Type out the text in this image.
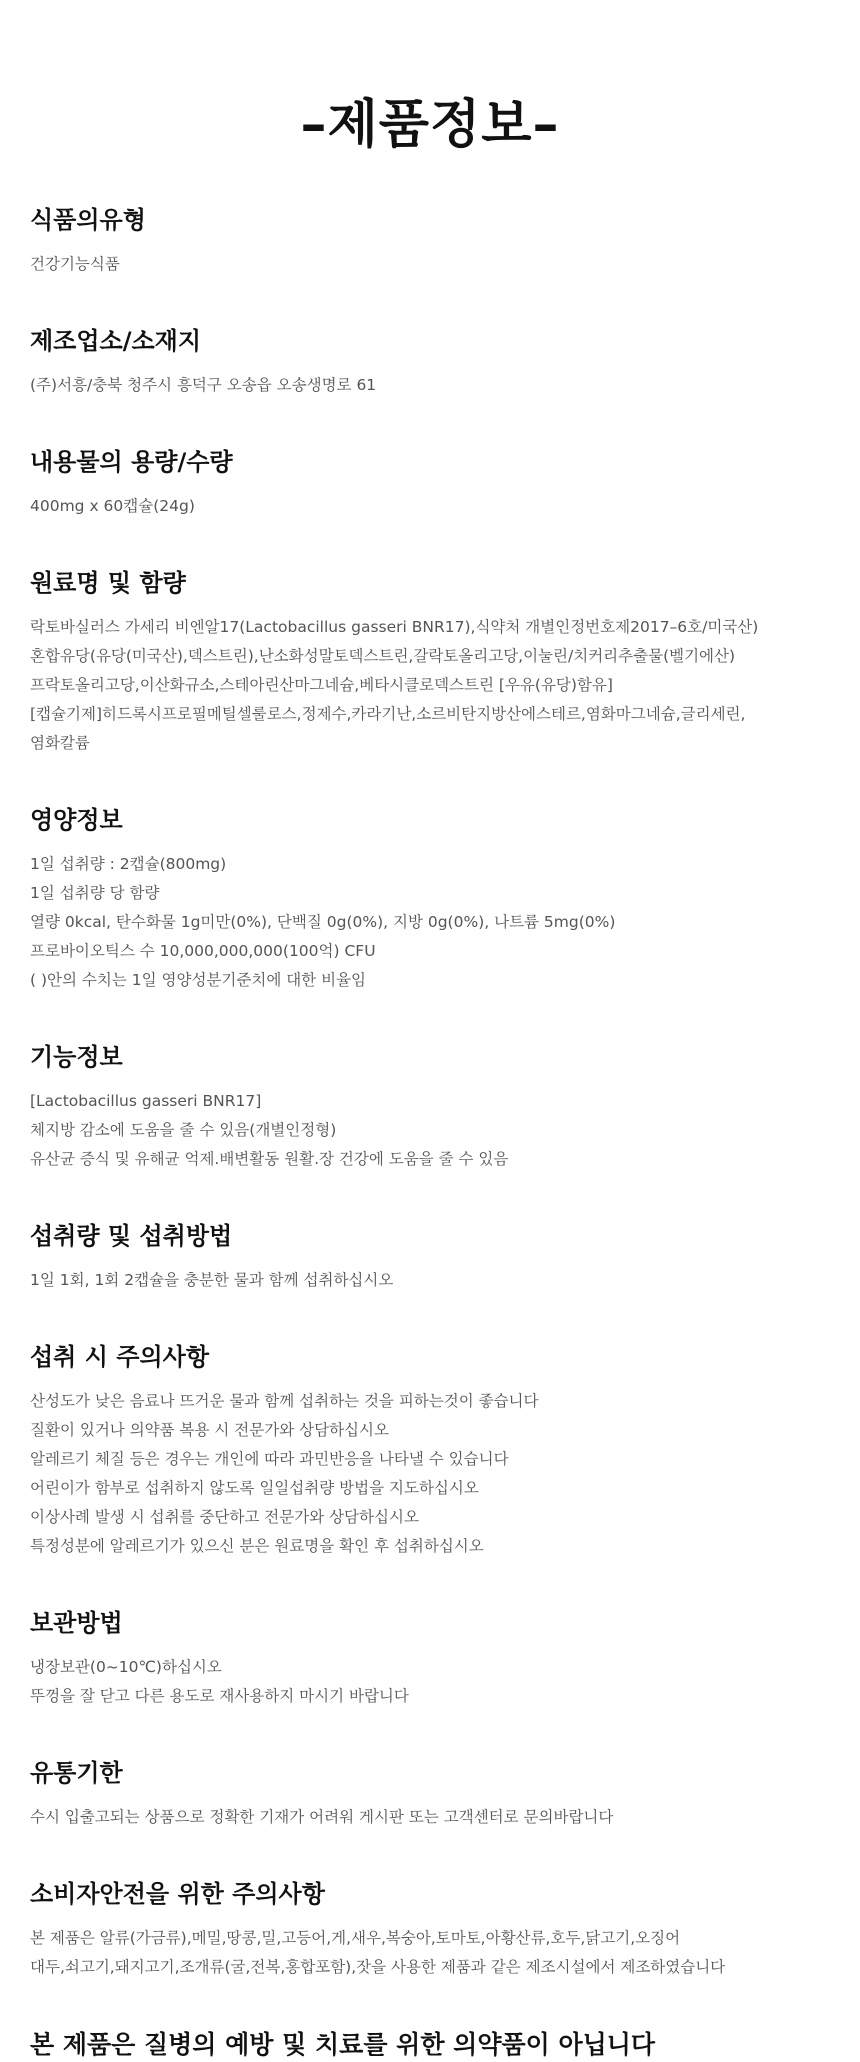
–제품정보–
식품의유형

건강기능식품

제조업소/소재지

(주)서흥/충북 청주시 흥덕구 오송읍 오송생명로 61

내용물의 용량/수량

400mg x 60캡슐(24g)

원료명 및 함량

락토바실러스 가세리 비엔알17(Lactobacillus gasseri BNR17),식약처 개별인정번호제2017–6호/미국산)

혼합유당(유당(미국산),덱스트린),난소화성말토덱스트린,갈락토올리고당,이눌린/치커리추출물(벨기에산)

프락토올리고당,이산화규소,스테아린산마그네슘,베타시클로덱스트린 [우유(유당)함유]

[캡슐기제]히드록시프로필메틸셀룰로스,정제수,카라기난,소르비탄지방산에스테르,염화마그네슘,글리세린,

염화칼륨

영양정보

1일 섭취량 : 2캡슐(800mg)

1일 섭취량 당 함량

열량 0kcal, 탄수화물 1g미만(0%), 단백질 0g(0%), 지방 0g(0%), 나트륨 5mg(0%)

프로바이오틱스 수 10,000,000,000(100억) CFU

( )안의 수치는 1일 영양성분기준치에 대한 비율임

기능정보

[Lactobacillus gasseri BNR17]

체지방 감소에 도움을 줄 수 있음(개별인정형)

유산균 증식 및 유해균 억제.배변활동 원활.장 건강에 도움을 줄 수 있음

섭취량 및 섭취방법

1일 1회, 1회 2캡슐을 충분한 물과 함께 섭취하십시오

섭취 시 주의사항

산성도가 낮은 음료나 뜨거운 물과 함께 섭취하는 것을 피하는것이 좋습니다

질환이 있거나 의약품 복용 시 전문가와 상담하십시오

알레르기 체질 등은 경우는 개인에 따라 과민반응을 나타낼 수 있습니다

어린이가 함부로 섭취하지 않도록 일일섭취량 방법을 지도하십시오

이상사례 발생 시 섭취를 중단하고 전문가와 상담하십시오

특정성분에 알레르기가 있으신 분은 원료명을 확인 후 섭취하십시오

보관방법

냉장보관(0~10℃)하십시오

뚜껑을 잘 닫고 다른 용도로 재사용하지 마시기 바랍니다

유통기한

수시 입출고되는 상품으로 정확한 기재가 어려워 게시판 또는 고객센터로 문의바랍니다

소비자안전을 위한 주의사항

본 제품은 알류(가금류),메밀,땅콩,밀,고등어,게,새우,복숭아,토마토,아황산류,호두,닭고기,오징어

대두,쇠고기,돼지고기,조개류(굴,전복,홍합포함),잣을 사용한 제품과 같은 제조시설에서 제조하였습니다

본 제품은 질병의 예방 및 치료를 위한 의약품이 아닙니다
